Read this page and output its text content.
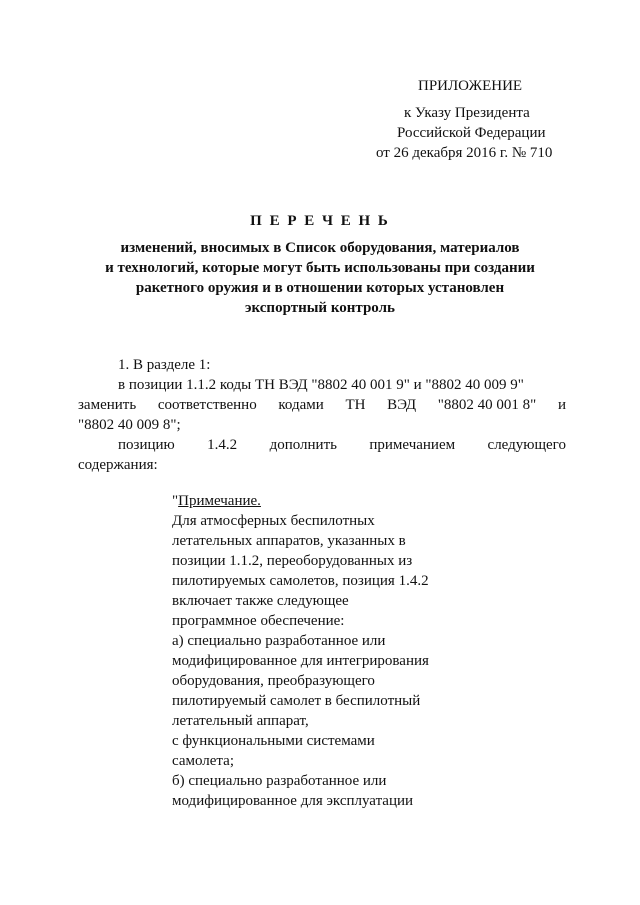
ПРИЛОЖЕНИЕ
к Указу Президента
Российской Федерации
от 26 декабря 2016 г. № 710
П Е Р Е Ч Е Н Ь
изменений, вносимых в Список оборудования, материалов
и технологий, которые могут быть использованы при создании
ракетного оружия и в отношении которых установлен
экспортный контроль
1. В разделе 1:
в позиции 1.1.2 коды ТН ВЭД "8802 40 001 9" и "8802 40 009 9"
заменить соответственно кодами ТН ВЭД "8802 40 001 8" и
"8802 40 009 8";
позицию 1.4.2 дополнить примечанием следующего
содержания:
"Примечание.
Для атмосферных беспилотных
летательных аппаратов, указанных в
позиции 1.1.2, переоборудованных из
пилотируемых самолетов, позиция 1.4.2
включает также следующее
программное обеспечение:
а) специально разработанное или
модифицированное для интегрирования
оборудования, преобразующего
пилотируемый самолет в беспилотный
летательный аппарат,
с функциональными системами
самолета;
б) специально разработанное или
модифицированное для эксплуатации
